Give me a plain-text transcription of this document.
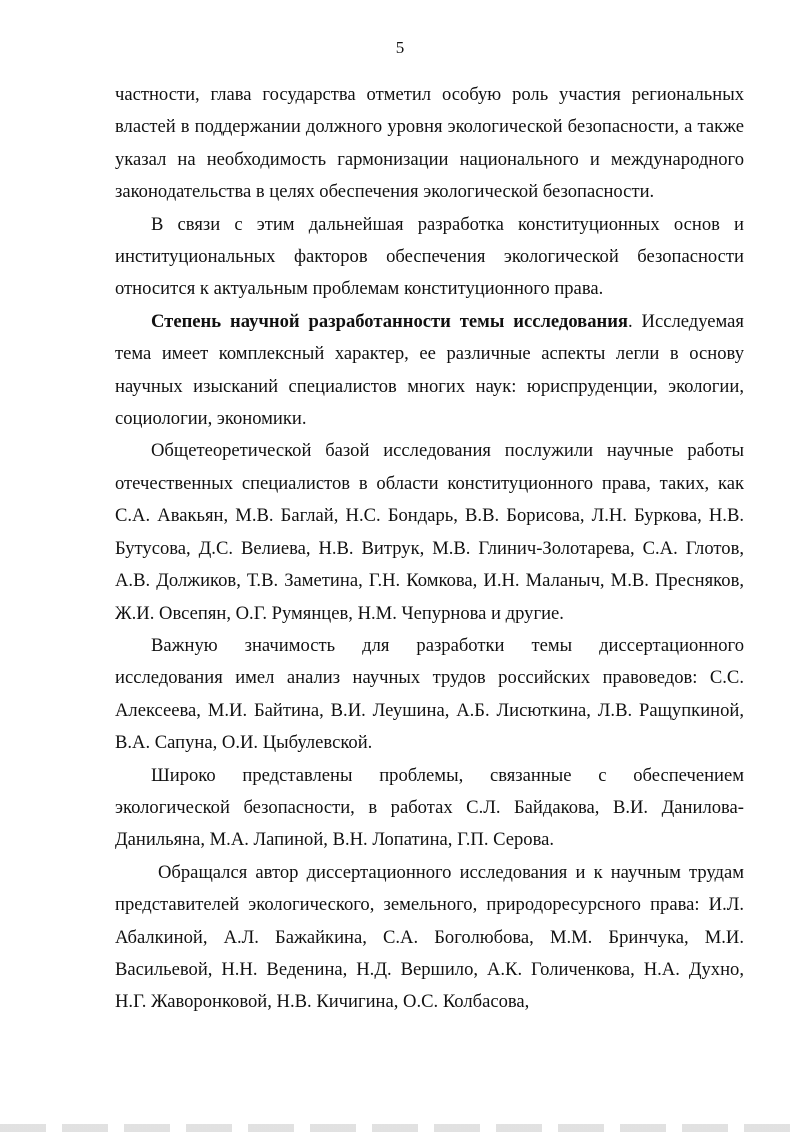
5

частности, глава государства отметил особую роль участия региональных властей в поддержании должного уровня экологической безопасности, а также указал на необходимость гармонизации национального и международного законодательства в целях обеспечения экологической безопасности.

В связи с этим дальнейшая разработка конституционных основ и институциональных факторов обеспечения экологической безопасности относится к актуальным проблемам конституционного права.

Степень научной разработанности темы исследования. Исследуемая тема имеет комплексный характер, ее различные аспекты легли в основу научных изысканий специалистов многих наук: юриспруденции, экологии, социологии, экономики.

Общетеоретической базой исследования послужили научные работы отечественных специалистов в области конституционного права, таких, как С.А. Авакьян, М.В. Баглай, Н.С. Бондарь, В.В. Борисова, Л.Н. Буркова, Н.В. Бутусова, Д.С. Велиева, Н.В. Витрук, М.В. Глинич-Золотарева, С.А. Глотов, А.В. Должиков, Т.В. Заметина, Г.Н. Комкова, И.Н. Маланыч, М.В. Пресняков, Ж.И. Овсепян, О.Г. Румянцев, Н.М. Чепурнова и другие.

Важную значимость для разработки темы диссертационного исследования имел анализ научных трудов российских правоведов: С.С. Алексеева, М.И. Байтина, В.И. Леушина, А.Б. Лисюткина, Л.В. Ращупкиной, В.А. Сапуна, О.И. Цыбулевской.

Широко представлены проблемы, связанные с обеспечением экологической безопасности, в работах С.Л. Байдакова, В.И. Данилова-Данильяна, М.А. Лапиной, В.Н. Лопатина, Г.П. Серова.

Обращался автор диссертационного исследования и к научным трудам представителей экологического, земельного, природоресурсного права: И.Л. Абалкиной, А.Л. Бажайкина, С.А. Боголюбова, М.М. Бринчука, М.И. Васильевой, Н.Н. Веденина, Н.Д. Вершило, А.К. Голиченкова, Н.А. Духно, Н.Г. Жаворонковой, Н.В. Кичигина, О.С. Колбасова,
